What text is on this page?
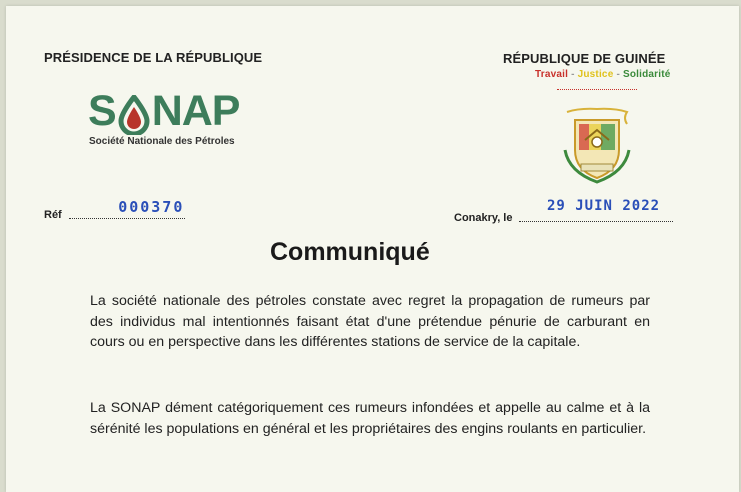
PRÉSIDENCE DE LA RÉPUBLIQUE	RÉPUBLIQUE DE GUINÉE
Travail - Justice - Solidarité
S NAP
Société Nationale des Pétroles
Réf	000370
Conakry, le
29 JUIN 2022
Communiqué

La société nationale des pétroles constate avec regret la propagation de rumeurs par des individus mal intentionnés faisant état d'une prétendue pénurie de carburant en cours ou en perspective dans les différentes stations de service de la capitale.

La SONAP dément catégoriquement ces rumeurs infondées et appelle au calme et à la sérénité les populations en général et les propriétaires des engins roulants en particulier.
